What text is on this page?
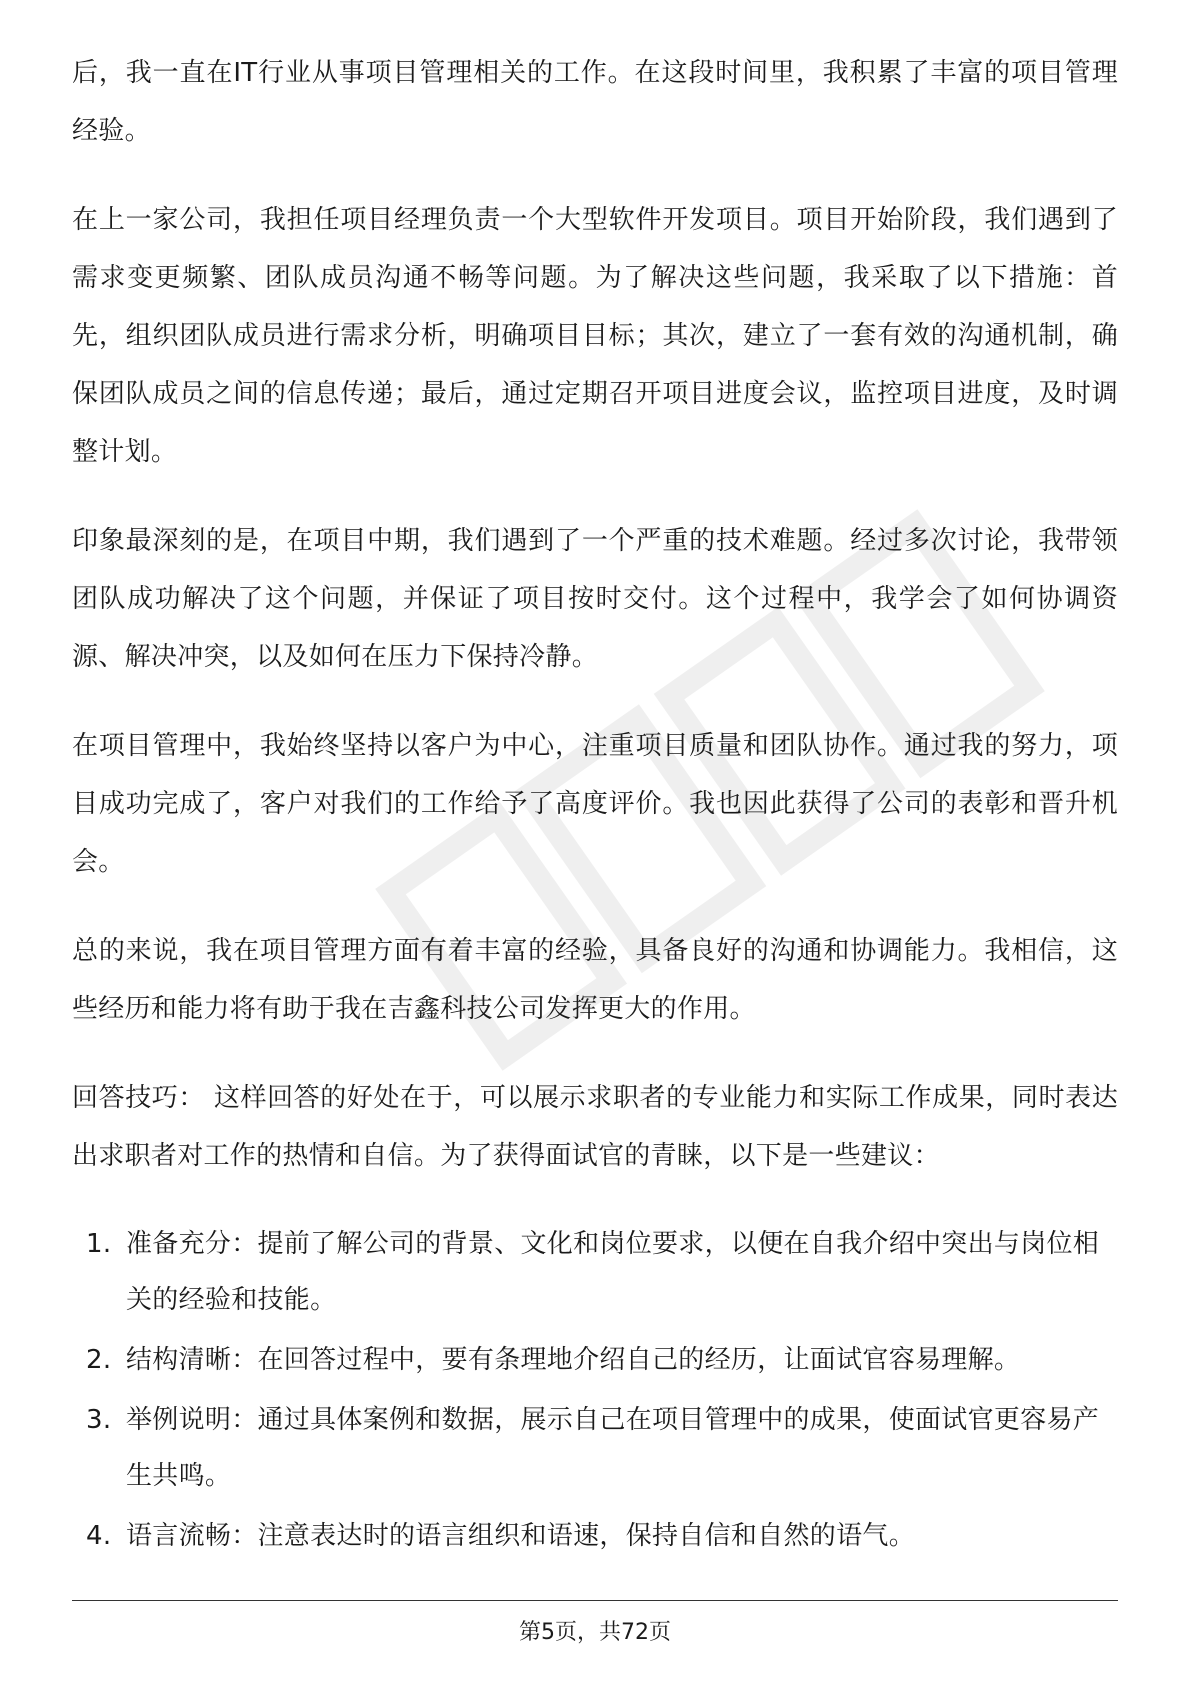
后，我一直在IT行业从事项目管理相关的工作。在这段时间里，我积累了丰富的项目管理经验。

在上一家公司，我担任项目经理负责一个大型软件开发项目。项目开始阶段，我们遇到了需求变更频繁、团队成员沟通不畅等问题。为了解决这些问题，我采取了以下措施：首先，组织团队成员进行需求分析，明确项目目标；其次，建立了一套有效的沟通机制，确保团队成员之间的信息传递；最后，通过定期召开项目进度会议，监控项目进度，及时调整计划。

印象最深刻的是，在项目中期，我们遇到了一个严重的技术难题。经过多次讨论，我带领团队成功解决了这个问题，并保证了项目按时交付。这个过程中，我学会了如何协调资源、解决冲突，以及如何在压力下保持冷静。

在项目管理中，我始终坚持以客户为中心，注重项目质量和团队协作。通过我的努力，项目成功完成了，客户对我们的工作给予了高度评价。我也因此获得了公司的表彰和晋升机会。

总的来说，我在项目管理方面有着丰富的经验，具备良好的沟通和协调能力。我相信，这些经历和能力将有助于我在吉鑫科技公司发挥更大的作用。

回答技巧： 这样回答的好处在于，可以展示求职者的专业能力和实际工作成果，同时表达出求职者对工作的热情和自信。为了获得面试官的青睐，以下是一些建议：

1. 准备充分：提前了解公司的背景、文化和岗位要求，以便在自我介绍中突出与岗位相关的经验和技能。
2. 结构清晰：在回答过程中，要有条理地介绍自己的经历，让面试官容易理解。
3. 举例说明：通过具体案例和数据，展示自己在项目管理中的成果，使面试官更容易产生共鸣。
4. 语言流畅：注意表达时的语言组织和语速，保持自信和自然的语气。
第5页，共72页
